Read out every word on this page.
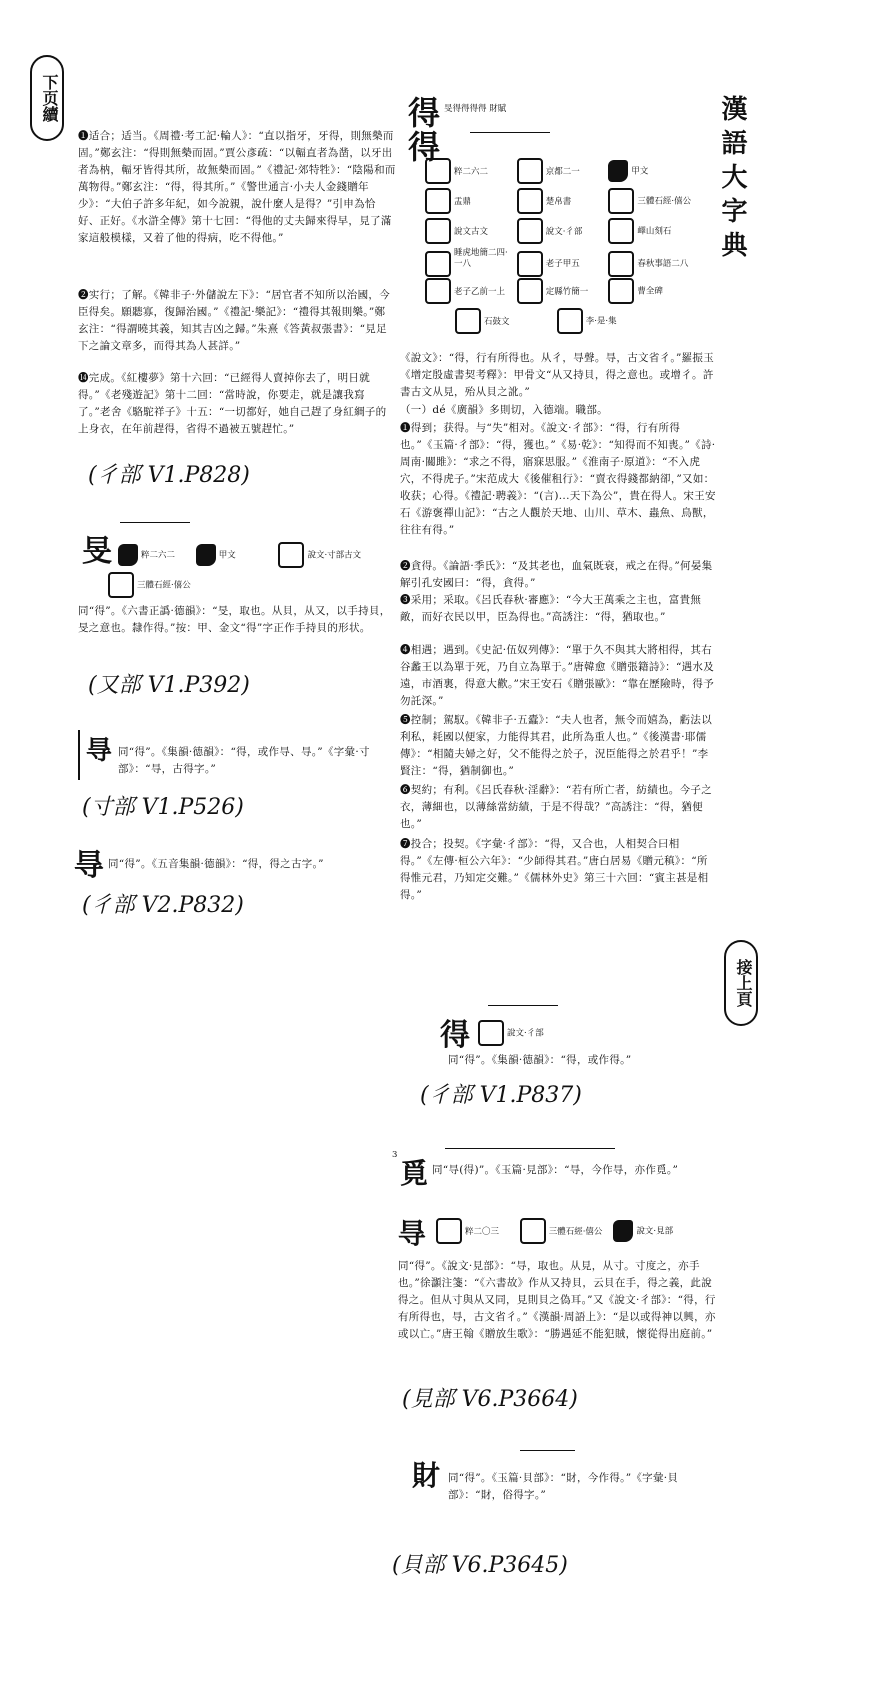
下页續	漢語大字典
接上頁
❶适合；适当。《周禮·考工記·輪人》：“直以指牙，牙得，則無槷而固。”鄭玄注：“得則無槷而固。”賈公彥疏：“以輻直者為凿，以牙出者為枘，輻牙皆得其所，故無槷而固。”《禮記·郊特牲》：“陰陽和而萬物得。”鄭玄注：“得，得其所。”《警世通言·小夫人金錢贈年少》：“大伯子許多年紀，如今說親，說什麼人是得？”引申為恰好、正好。《水滸全傳》第十七回：“得他的丈夫歸來得早，見了滿家這般模樣，又着了他的得病，吃不得他。”
❷实行；了解。《韓非子·外儲說左下》：“居官者不知所以治國，今臣得矣。願聽寡，復歸治國。”《禮記·樂記》：“禮得其報則樂。”鄭玄注：“得謂曉其義，知其吉凶之歸。”朱熹《答黃叔張書》：“見足下之論文章多，而得其為人甚詳。”
⓮完成。《紅樓夢》第十六回：“已經得人賣掉你去了，明日就得。”《老殘遊記》第十二回：“當時說，你要走，就是讓我寫了。”老舍《駱駝祥子》十五：“一切都好，她自己趕了身紅綢子的上身衣，在年前趕得，省得不過被五號趕忙。”
(彳部 V1.P828)
旻	粹二六二	甲文	說文·寸部古文
三體石經·僖公
同“得”。《六書正譌·德韻》：“旻，取也。从貝，从又，以手持貝，旻之意也。隸作得。”按：甲、金文“得”字正作手持貝的形状。
(又部 V1.P392)
㝵 同“得”。《集韻·德韻》：“得，或作㝵、㝵。”《字彙·寸部》：“㝵，古得字。”
(寸部 V1.P526)
㝵 同“得”。《五音集韻·德韻》：“得，得之古字。”
(彳部 V2.P832)
得
得
旻得得得得 財賦
粹二六二	京都二一	甲文
盂鼎	楚帛書	三體石經·僖公
說文古文	說文·彳部	嶧山刻石
睡虎地簡二四·一八	老子甲五	春秋事語二八
老子乙前一上	定縣竹簡一	曹全碑
石鼓文	李·是·集
《說文》：“得，行有所得也。从彳，㝵聲。㝵，古文省彳。”羅振玉《增定殷虛書契考釋》：甲骨文“从又持貝，得之意也。或增彳。許書古文从見，殆从貝之訛。”
（一）dé《廣韻》多則切，入德端。職部。
❶得到；获得。与“失”相对。《說文·彳部》：“得，行有所得也。”《玉篇·彳部》：“得，獲也。”《易·乾》：“知得而不知喪。”《詩·周南·關雎》：“求之不得，寤寐思服。”《淮南子·原道》：“不入虎穴，不得虎子。”宋范成大《後催租行》：“賣衣得錢都納卻，”又如：收获；心得。《禮記·聘義》：“(言)...天下為公”，貴在得人。宋王安石《游褒禪山記》：“古之人觀於天地、山川、草木、蟲魚、鳥獸，往往有得。”
❷貪得。《論語·季氏》：“及其老也，血氣既衰，戒之在得。”何晏集解引孔安國曰：“得，貪得。”
❸采用；采取。《呂氏春秋·審應》：“今大王萬乘之主也，富貴無敵，而好衣民以甲，臣為得也。”高誘注：“得，猶取也。”
❹相遇；遇到。《史記·伍奴列傳》：“單于久不與其大將相得，其右谷蠡王以為單于死，乃自立為單于。”唐韓愈《贈張籍詩》：“遇水及遠，市酒裏，得意大歡。”宋王安石《贈張歐》：“靠在歷險時，得予勿託深。”
❺控制；駕馭。《韓非子·五蠹》：“夫人也者，無令而嬉為，虧法以利私，耗國以便家，力能得其君，此所為重人也。”《後漢書·耶儒傳》：“相隨夫婦之好，父不能得之於子，況臣能得之於君乎！”李賢注：“得，猶制御也。”
❻契約；有利。《呂氏春秋·淫辭》：“若有所亡者，紡績也。今子之衣，薄細也，以薄絲當紡績，于是不得哉？”高誘注：“得，猶便也。”
❼投合；投契。《字彙·彳部》：“得，又合也，人相契合曰相得。”《左傳·桓公六年》：“少師得其君。”唐白居易《贈元稹》：“所得惟元君，乃知定交難。”《儒林外史》第三十六回：“賓主甚是相得。”
得	說文·彳部
同“得”。《集韻·德韻》：“得，或作得。”
(彳部 V1.P837)
3
覓 同“㝵(得)”。《玉篇·見部》：“㝵，今作㝵，亦作覓。”
㝵	粹二〇三	三體石經·僖公	說文·見部
同“得”。《說文·見部》：“㝵，取也。从見，从寸。寸度之，亦手也。”徐灝注箋：“《六書故》作从又持貝，云貝在手，得之義，此說得之。但从寸與从又同，見則貝之偽耳。”又《說文·彳部》：“得，行有所得也，㝵，古文省彳。”《漢韻·周語上》：“是以或得神以興，亦或以亡。”唐王翰《贈放生歌》：“勝遇延不能犯賊，懷從得出庭前。”
(見部 V6.P3664)
財 同“得”。《玉篇·貝部》：“財，今作得。”《字彙·貝部》：“財，俗得字。”
(貝部 V6.P3645)
